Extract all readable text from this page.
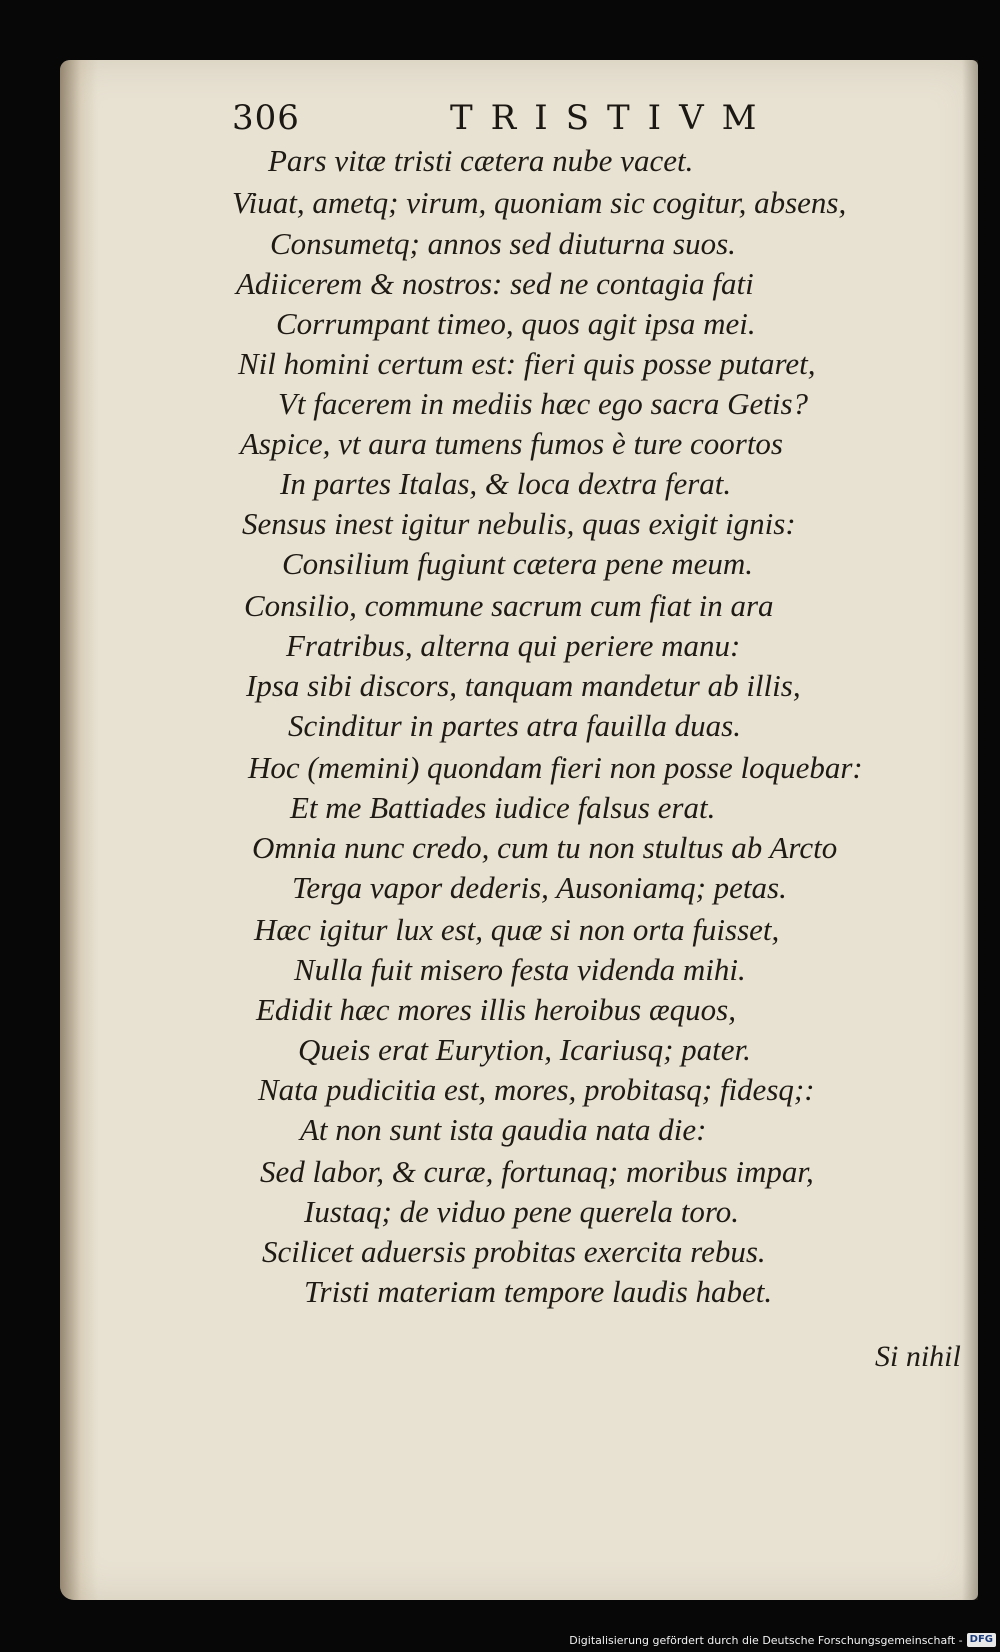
306	TRISTIVM
Pars vitæ tristi cætera nube vacet.
Viuat, ametq; virum, quoniam sic cogitur, absens,
Consumetq; annos sed diuturna suos.
Adiicerem & nostros: sed ne contagia fati
Corrumpant timeo, quos agit ipsa mei.
Nil homini certum est: fieri quis posse putaret,
Vt facerem in mediis hæc ego sacra Getis?
Aspice, vt aura tumens fumos è ture coortos
In partes Italas, & loca dextra ferat.
Sensus inest igitur nebulis, quas exigit ignis:
Consilium fugiunt cætera pene meum.
Consilio, commune sacrum cum fiat in ara
Fratribus, alterna qui periere manu:
Ipsa sibi discors, tanquam mandetur ab illis,
Scinditur in partes atra fauilla duas.
Hoc (memini) quondam fieri non posse loquebar:
Et me Battiades iudice falsus erat.
Omnia nunc credo, cum tu non stultus ab Arcto
Terga vapor dederis, Ausoniamq; petas.
Hæc igitur lux est, quæ si non orta fuisset,
Nulla fuit misero festa videnda mihi.
Edidit hæc mores illis heroibus æquos,
Queis erat Eurytion, Icariusq; pater.
Nata pudicitia est, mores, probitasq; fidesq;:
At non sunt ista gaudia nata die:
Sed labor, & curæ, fortunaq; moribus impar,
Iustaq; de viduo pene querela toro.
Scilicet aduersis probitas exercita rebus.
Tristi materiam tempore laudis habet.
Si nihil
Digitalisierung gefördert durch die Deutsche Forschungsgemeinschaft - DFG
